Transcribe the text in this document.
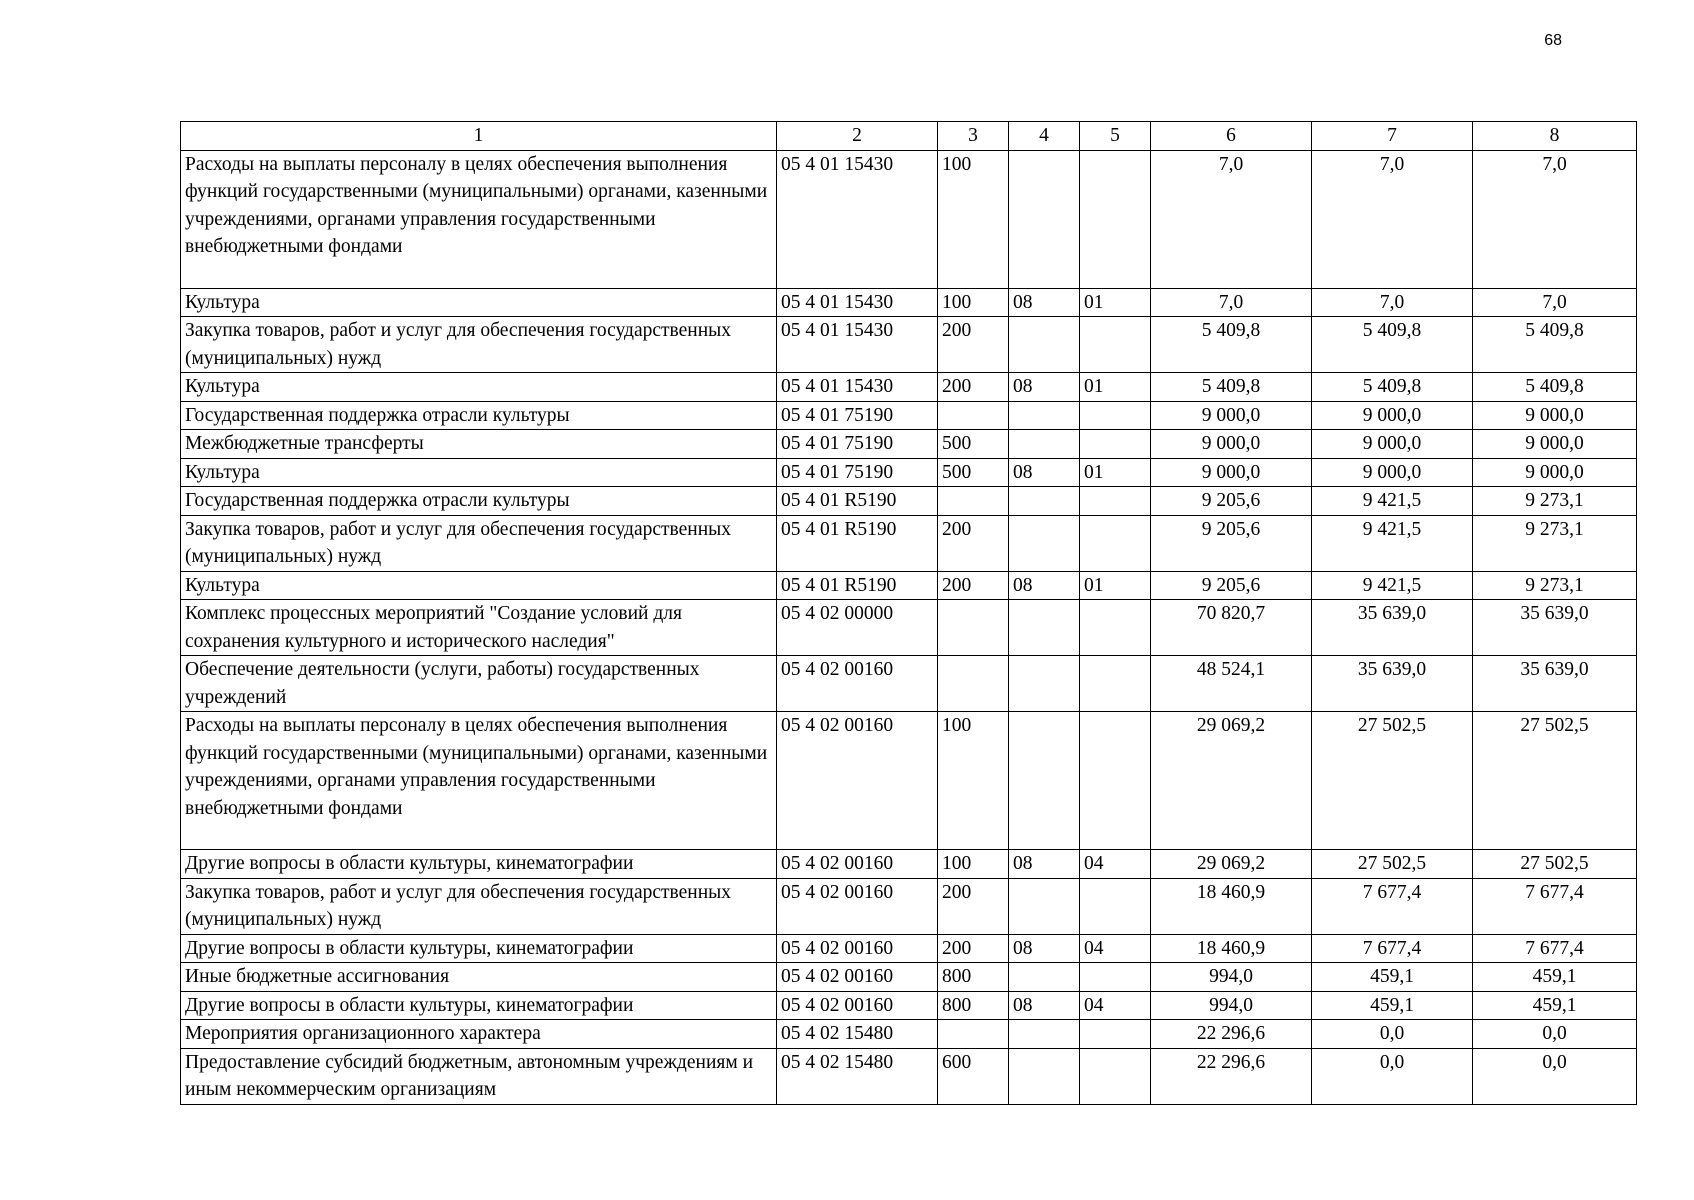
68
1	2	3	4	5	6	7	8
Расходы на выплаты персоналу в целях обеспечения выполнения функций государственными (муниципальными) органами, казенными учреждениями, органами управления государственными внебюджетными фондами	05 4 01 15430	100			7,0	7,0	7,0
Культура	05 4 01 15430	100	08	01	7,0	7,0	7,0
Закупка товаров, работ и услуг для обеспечения государственных (муниципальных) нужд	05 4 01 15430	200			5 409,8	5 409,8	5 409,8
Культура	05 4 01 15430	200	08	01	5 409,8	5 409,8	5 409,8
Государственная поддержка отрасли культуры	05 4 01 75190				9 000,0	9 000,0	9 000,0
Межбюджетные трансферты	05 4 01 75190	500			9 000,0	9 000,0	9 000,0
Культура	05 4 01 75190	500	08	01	9 000,0	9 000,0	9 000,0
Государственная поддержка отрасли культуры	05 4 01 R5190				9 205,6	9 421,5	9 273,1
Закупка товаров, работ и услуг для обеспечения государственных (муниципальных) нужд	05 4 01 R5190	200			9 205,6	9 421,5	9 273,1
Культура	05 4 01 R5190	200	08	01	9 205,6	9 421,5	9 273,1
Комплекс процессных мероприятий "Создание условий для сохранения культурного и исторического наследия"	05 4 02 00000				70 820,7	35 639,0	35 639,0
Обеспечение деятельности (услуги, работы) государственных учреждений	05 4 02 00160				48 524,1	35 639,0	35 639,0
Расходы на выплаты персоналу в целях обеспечения выполнения функций государственными (муниципальными) органами, казенными учреждениями, органами управления государственными внебюджетными фондами	05 4 02 00160	100			29 069,2	27 502,5	27 502,5
Другие вопросы в области культуры, кинематографии	05 4 02 00160	100	08	04	29 069,2	27 502,5	27 502,5
Закупка товаров, работ и услуг для обеспечения государственных (муниципальных) нужд	05 4 02 00160	200			18 460,9	7 677,4	7 677,4
Другие вопросы в области культуры, кинематографии	05 4 02 00160	200	08	04	18 460,9	7 677,4	7 677,4
Иные бюджетные ассигнования	05 4 02 00160	800			994,0	459,1	459,1
Другие вопросы в области культуры, кинематографии	05 4 02 00160	800	08	04	994,0	459,1	459,1
Мероприятия организационного характера	05 4 02 15480				22 296,6	0,0	0,0
Предоставление субсидий бюджетным, автономным учреждениям и иным некоммерческим организациям	05 4 02 15480	600			22 296,6	0,0	0,0
